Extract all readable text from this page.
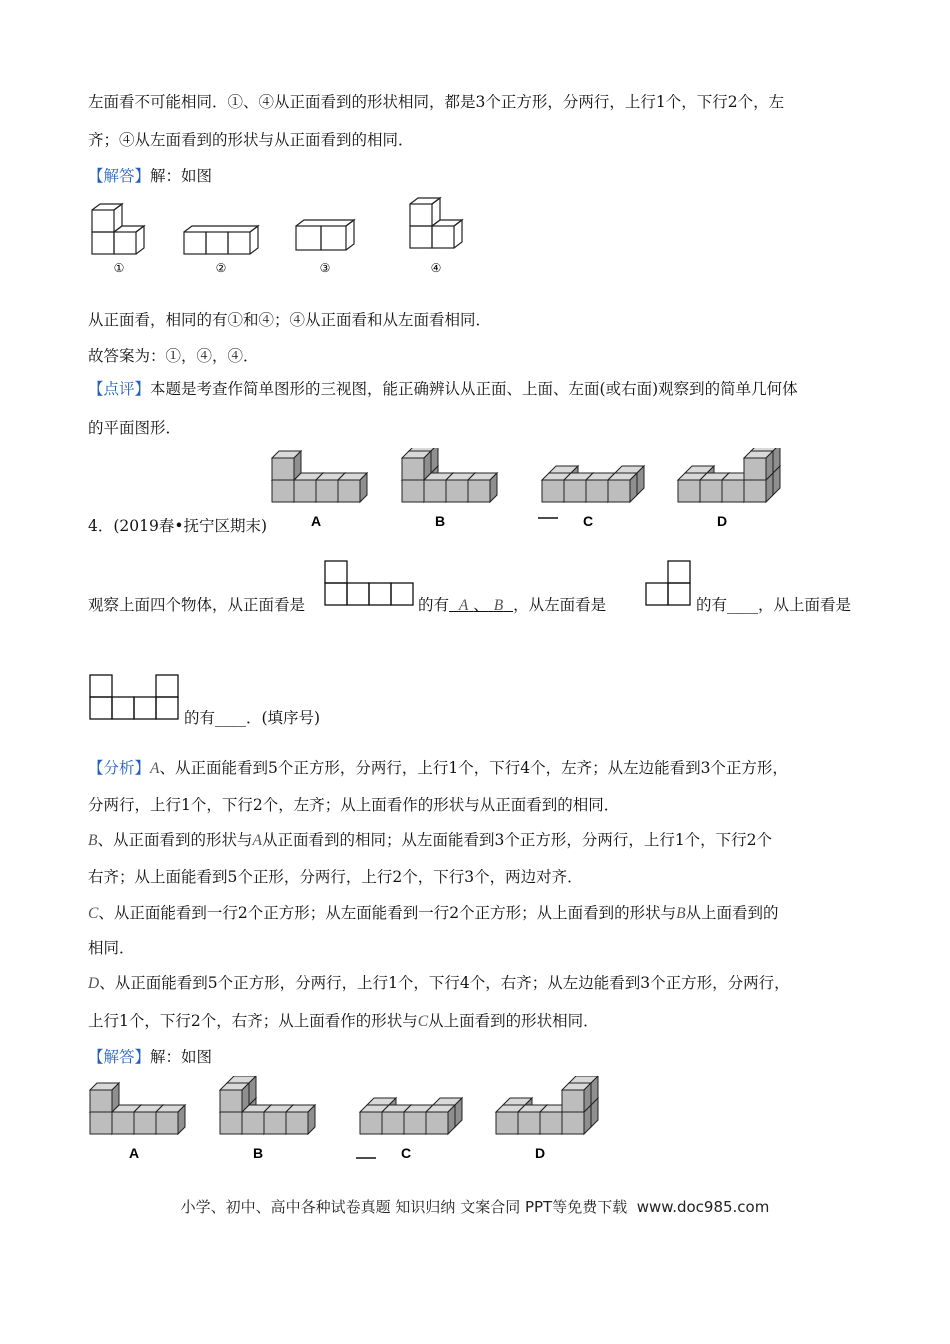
左面看不可能相同．①、④从正面看到的形状相同，都是3个正方形，分两行，上行1个，下行2个，左
齐；④从左面看到的形状与从正面看到的相同．
【解答】解：如图
①	②	③	④
从正面看，相同的有①和④；④从正面看和从左面看相同．
故答案为：①，④，④．
【点评】本题是考查作简单图形的三视图，能正确辨认从正面、上面、左面(或右面)观察到的简单几何体
的平面图形．
A	B	C	D
4．(2019春•抚宁区期末)
观察上面四个物体，从正面看是	的有 A 、 B ，从左面看是	的有____，从上面看是
的有____．(填序号)
【分析】A、从正面能看到5个正方形，分两行，上行1个，下行4个，左齐；从左边能看到3个正方形，
分两行，上行1个，下行2个，左齐；从上面看作的形状与从正面看到的相同．
B、从正面看到的形状与A从正面看到的相同；从左面能看到3个正方形，分两行，上行1个，下行2个
右齐；从上面能看到5个正形，分两行，上行2个，下行3个，两边对齐．
C、从正面能看到一行2个正方形；从左面能看到一行2个正方形；从上面看到的形状与B从上面看到的
相同．
D、从正面能看到5个正方形，分两行，上行1个，下行4个，右齐；从左边能看到3个正方形，分两行，
上行1个，下行2个，右齐；从上面看作的形状与C从上面看到的形状相同．
【解答】解：如图
A	B	C	D
小学、初中、高中各种试卷真题 知识归纳 文案合同 PPT等免费下载 www.doc985.com
